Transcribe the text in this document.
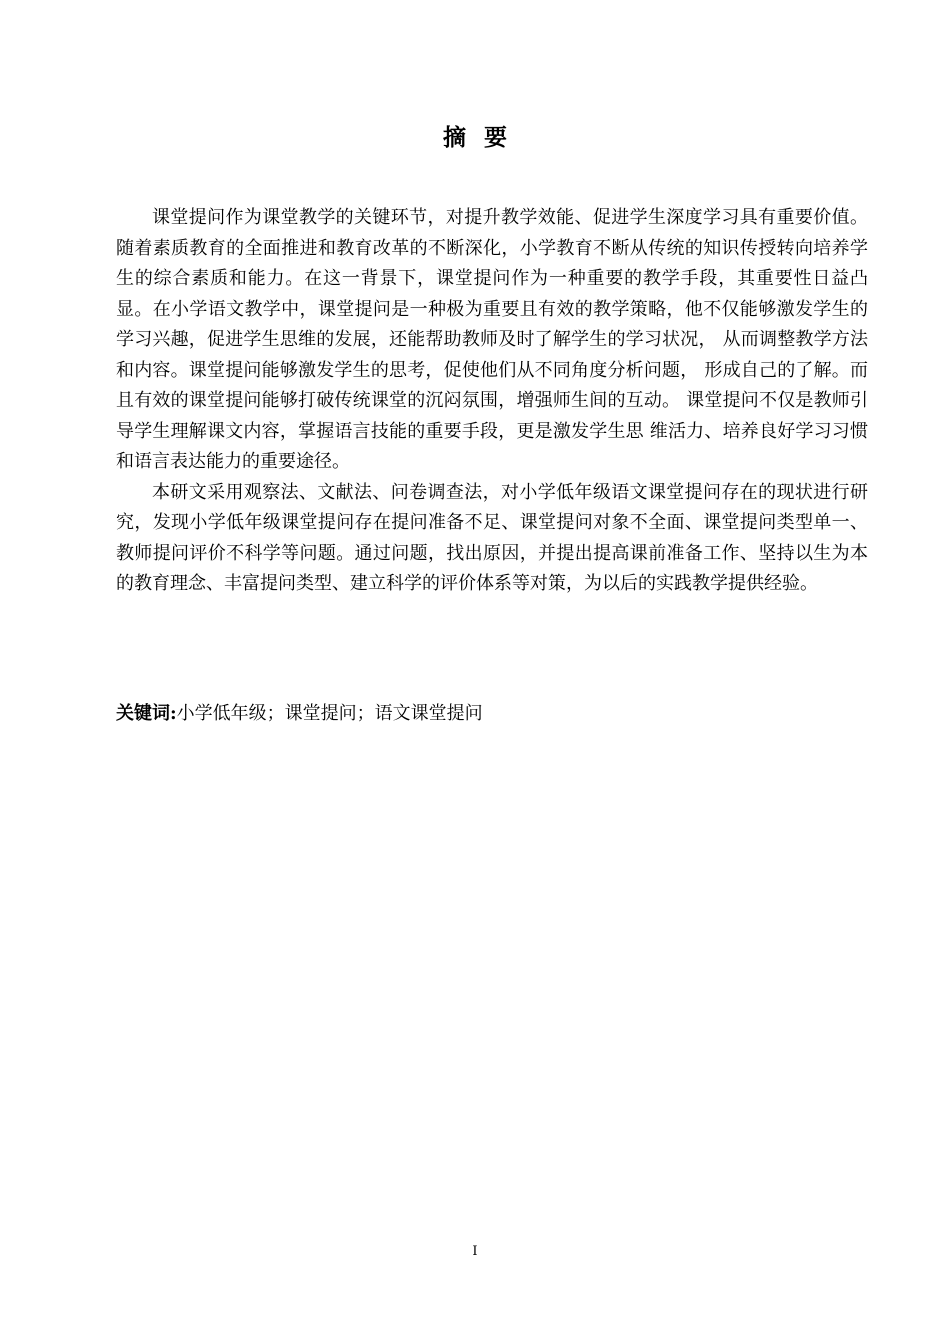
摘要

课堂提问作为课堂教学的关键环节，对提升教学效能、促进学生深度学习具有重要价值。随着素质教育的全面推进和教育改革的不断深化，小学教育不断从传统的知识传授转向培养学生的综合素质和能力。在这一背景下，课堂提问作为一种重要的教学手段，其重要性日益凸显。在小学语文教学中，课堂提问是一种极为重要且有效的教学策略，他不仅能够激发学生的学习兴趣，促进学生思维的发展，还能帮助教师及时了解学生的学习状况， 从而调整教学方法和内容。课堂提问能够激发学生的思考，促使他们从不同角度分析问题， 形成自己的了解。而且有效的课堂提问能够打破传统课堂的沉闷氛围，增强师生间的互动。 课堂提问不仅是教师引导学生理解课文内容，掌握语言技能的重要手段，更是激发学生思 维活力、培养良好学习习惯和语言表达能力的重要途径。

本研文采用观察法、文献法、问卷调查法，对小学低年级语文课堂提问存在的现状进行研究，发现小学低年级课堂提问存在提问准备不足、课堂提问对象不全面、课堂提问类型单一、教师提问评价不科学等问题。通过问题，找出原因，并提出提高课前准备工作、坚持以生为本的教育理念、丰富提问类型、建立科学的评价体系等对策，为以后的实践教学提供经验。

关键词:小学低年级；课堂提问；语文课堂提问
I
